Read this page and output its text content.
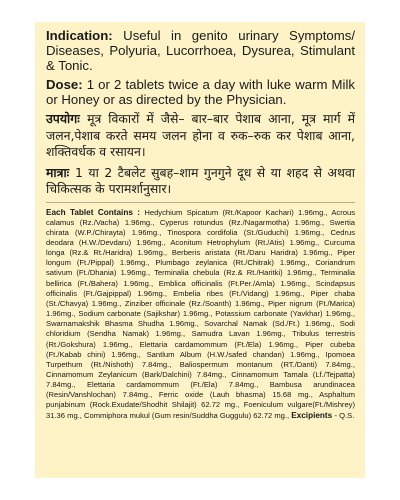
Indication: Useful in genito urinary Symptoms/ Diseases, Polyuria, Lucorrhoea, Dysurea, Stimulant & Tonic.

Dose: 1 or 2 tablets twice a day with luke warm Milk or Honey or as directed by the Physician.

उपयोगः मूत्र विकारों में जैसे– बार–बार पेशाब आना, मूत्र मार्ग में जलन,पेशाब करते समय जलन होना व रुक–रुक कर पेशाब आना, शक्तिवर्धक व रसायन।

मात्राः 1 या 2 टैबलेट सुबह–शाम गुनगुने दूध से या शहद से अथवा चिकित्सक के परामर्शानुसार।

Each Tablet Contains : Hedychium Spicatum (Rt./Kapoor Kachari) 1.96mg., Acrous calamus (Rz./Vacha) 1.96mg., Cyperus rotundus (Rz./Nagarmotha) 1.96mg., Swertia chirata (W.P./Chirayta) 1.96mg., Tinospora cordifolia (St./Guduchi) 1.96mg., Cedrus deodara (H.W./Devdaru) 1.96mg., Aconitum Hetrophylum (Rt./Atis) 1.96mg., Curcuma longa (Rz.& Rt./Haridra) 1.96mg., Berberis aristata (Rt./Daru Haridra) 1.96mg., Piper longum (Ft./Pippal) 1.96mg., Plumbago zeylanica (Rt./Chitrak) 1.96mg., Coriandrum sativum (Ft./Dhania) 1.96mg., Terminalia chebula (Rz.& Rt./Haritki) 1.96mg., Terminalia bellirica (Ft./Bahera) 1.96mg., Emblica officinalis (Ft.Per./Amla) 1.96mg., Scindapsus officinalis (Ft./Gajpippal) 1.96mg., Embelia ribes (Ft./Vidang) 1.96mg., Piper chaba (St./Chavya) 1.96mg., Zinziber officinale (Rz./Soanth) 1.96mg., Piper nigrum (Ft./Marica) 1.96mg., Sodium carbonate (Sajikshar) 1.96mg., Potassium carbonate (Yavkhar) 1.96mg., Swarnamakshik Bhasma Shudha 1.96mg., Sovarchal Namak (Sd./Ft.) 1.96mg., Sodi chloridium (Sendha Namak) 1.96mg., Samudra Lavan 1.96mg., Tribulus terrestris (Rt./Gokshura) 1.96mg., Elettaria cardamommum (Ft./Ela) 1.96mg., Piper cubeba (Ft./Kabab chini) 1.96mg., Santlum Album (H.W./safed chandan) 1.96mg., Ipomoea Turpethum (Rt./Nishoth) 7.84mg., Baliospermum montanum (RT./Danti) 7.84mg., Cinnamomum Zeylanicum (Bark/Dalchini) 7.84mg., Cinnamomum Tamala (Lf./Tejpatta) 7.84mg., Elettaria cardamommum (Ft./Ela) 7.84mg., Bambusa arundinacea (Resin/Vanshlochan) 7.84mg., Ferric oxide (Lauh bhasma) 15.68 mg., Asphaltum punjabinum (Rock.Exudate/Shodhit Shilajit) 62.72 mg., Foeniculum vulgare(Ft./Mishrey) 31.36 mg., Commiphora mukul (Gum resin/Suddha Guggulu) 62.72 mg., Excipients - Q.S.
